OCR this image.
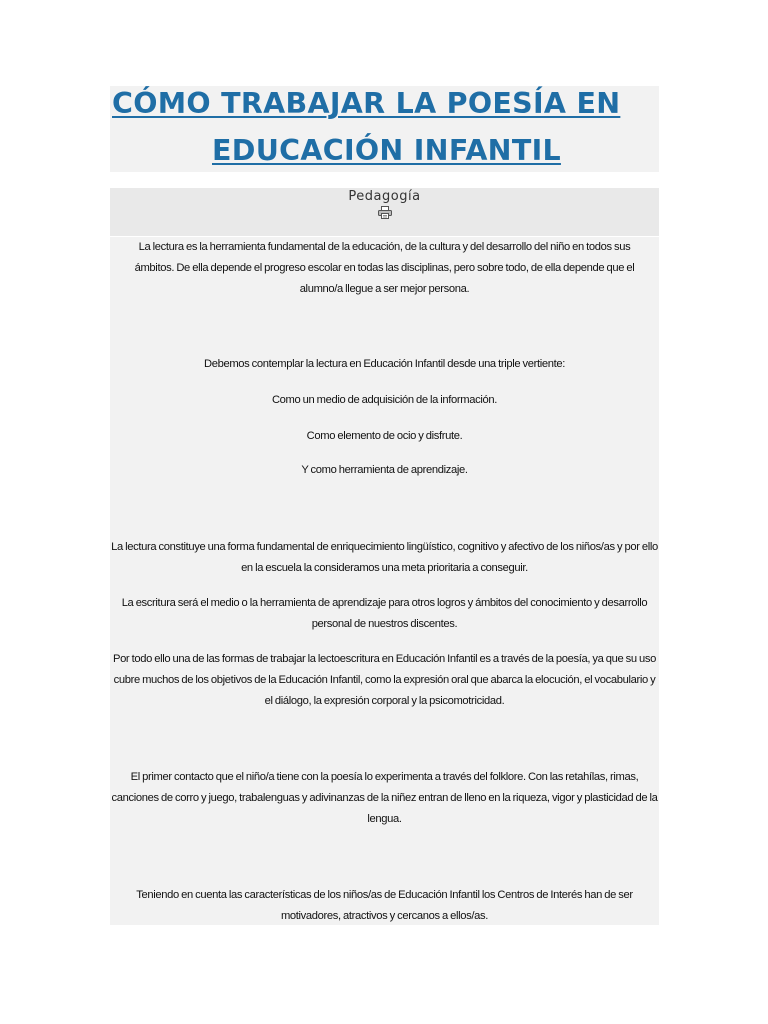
CÓMO TRABAJAR LA POESÍA EN
EDUCACIÓN INFANTIL
Pedagogía
La lectura es la herramienta fundamental de la educación, de la cultura y del desarrollo del niño en todos sus ámbitos. De ella depende el progreso escolar en todas las disciplinas, pero sobre todo, de ella depende que el alumno/a llegue a ser mejor persona.
Debemos contemplar la lectura en Educación Infantil desde una triple vertiente:
Como un medio de adquisición de la información.
Como elemento de ocio y disfrute.
Y como herramienta de aprendizaje.
La lectura constituye una forma fundamental de enriquecimiento lingüístico, cognitivo y afectivo de los niños/as y por ello en la escuela la consideramos una meta prioritaria a conseguir.
La escritura será el medio o la herramienta de aprendizaje para otros logros y ámbitos del conocimiento y desarrollo personal de nuestros discentes.
Por todo ello una de las formas de trabajar la lectoescritura en Educación Infantil es a través de la poesía, ya que su uso cubre muchos de los objetivos de la Educación Infantil, como la expresión oral que abarca la elocución, el vocabulario y el diálogo, la expresión corporal y la psicomotricidad.
El primer contacto que el niño/a tiene con la poesía lo experimenta a través del folklore. Con las retahílas, rimas, canciones de corro y juego, trabalenguas y adivinanzas de la niñez entran de lleno en la riqueza, vigor y plasticidad de la lengua.
Teniendo en cuenta las características de los niños/as de Educación Infantil los Centros de Interés han de ser motivadores, atractivos y cercanos a ellos/as.
